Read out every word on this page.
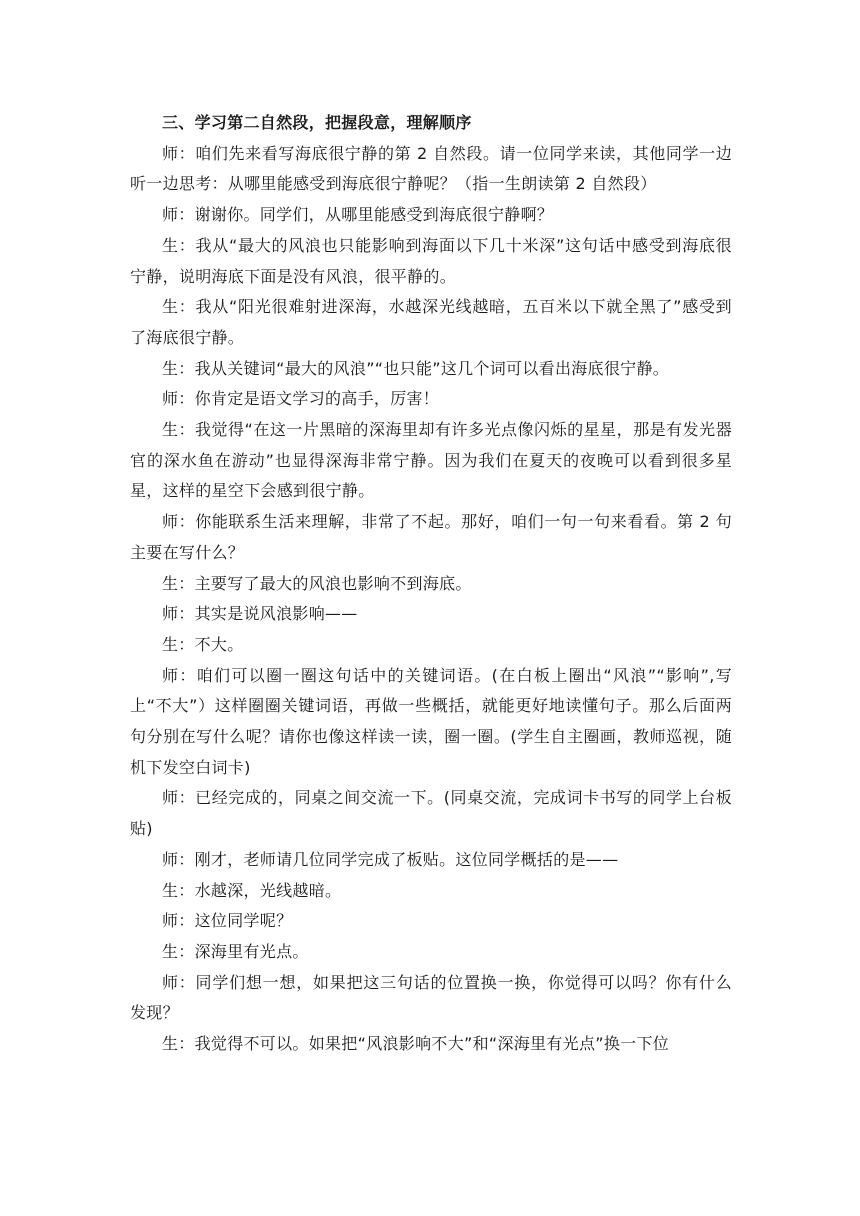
三、学习第二自然段，把握段意，理解顺序

师：咱们先来看写海底很宁静的第 2 自然段。请一位同学来读，其他同学一边听一边思考：从哪里能感受到海底很宁静呢？（指一生朗读第 2 自然段）

师：谢谢你。同学们，从哪里能感受到海底很宁静啊？

生：我从“最大的风浪也只能影响到海面以下几十米深”这句话中感受到海底很宁静，说明海底下面是没有风浪，很平静的。

生：我从“阳光很难射进深海，水越深光线越暗，五百米以下就全黑了”感受到了海底很宁静。

生：我从关键词“最大的风浪”“也只能”这几个词可以看出海底很宁静。

师：你肯定是语文学习的高手，厉害！

生：我觉得“在这一片黑暗的深海里却有许多光点像闪烁的星星，那是有发光器官的深水鱼在游动”也显得深海非常宁静。因为我们在夏天的夜晚可以看到很多星星，这样的星空下会感到很宁静。

师：你能联系生活来理解，非常了不起。那好，咱们一句一句来看看。第 2 句主要在写什么？

生：主要写了最大的风浪也影响不到海底。

师：其实是说风浪影响——

生：不大。

师：咱们可以圈一圈这句话中的关键词语。(在白板上圈出“风浪”“影响”,写上“不大”）这样圈圈关键词语，再做一些概括，就能更好地读懂句子。那么后面两句分别在写什么呢？请你也像这样读一读，圈一圈。(学生自主圈画，教师巡视，随机下发空白词卡)

师：已经完成的，同桌之间交流一下。(同桌交流，完成词卡书写的同学上台板贴)

师：刚才，老师请几位同学完成了板贴。这位同学概括的是——

生：水越深，光线越暗。

师：这位同学呢？

生：深海里有光点。

师：同学们想一想，如果把这三句话的位置换一换，你觉得可以吗？你有什么发现？

生：我觉得不可以。如果把“风浪影响不大”和“深海里有光点”换一下位
